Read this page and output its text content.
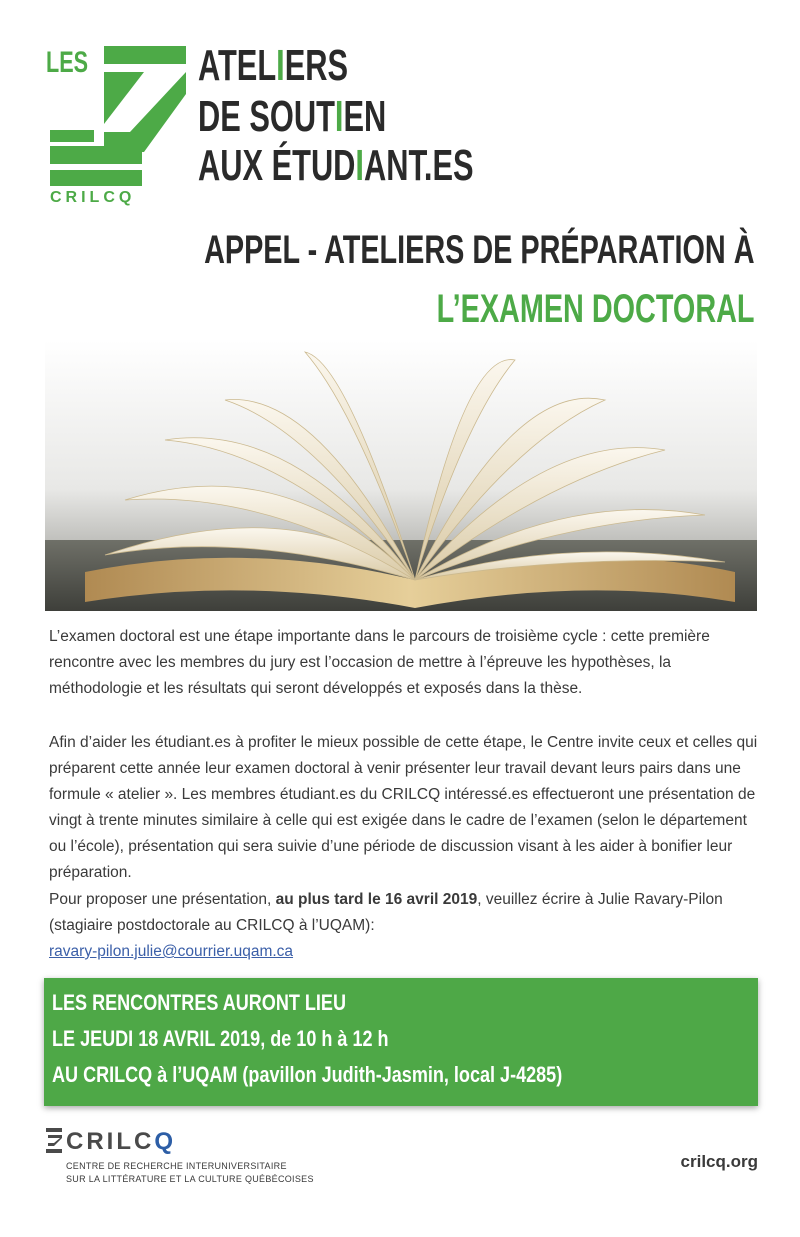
LES ATELIERS
DE SOUTIEN
AUX ÉTUDIANT.ES
CRILCQ
APPEL - ATELIERS DE PRÉPARATION À
L’EXAMEN DOCTORAL

L’examen doctoral est une étape importante dans le parcours de troisième cycle : cette première rencontre avec les membres du jury est l’occasion de mettre à l’épreuve les hypothèses, la méthodologie et les résultats qui seront développés et exposés dans la thèse.

Afin d’aider les étudiant.es à profiter le mieux possible de cette étape, le Centre invite ceux et celles qui préparent cette année leur examen doctoral à venir présenter leur travail devant leurs pairs dans une formule « atelier ». Les membres étudiant.es du CRILCQ intéressé.es effectueront une présentation de vingt à trente minutes similaire à celle qui est exigée dans le cadre de l’examen (selon le département ou l’école), présentation qui sera suivie d’une période de discussion visant à les aider à bonifier leur préparation.

Pour proposer une présentation, au plus tard le 16 avril 2019, veuillez écrire à Julie Ravary-Pilon (stagiaire postdoctorale au CRILCQ à l’UQAM):

ravary-pilon.julie@courrier.uqam.ca

LES RENCONTRES AURONT LIEU
LE JEUDI 18 AVRIL 2019, de 10 h à 12 h
AU CRILCQ à l’UQAM (pavillon Judith-Jasmin, local J-4285)
CRILCQ
CENTRE DE RECHERCHE INTERUNIVERSITAIRE
SUR LA LITTÉRATURE ET LA CULTURE QUÉBÉCOISES
crilcq.org
